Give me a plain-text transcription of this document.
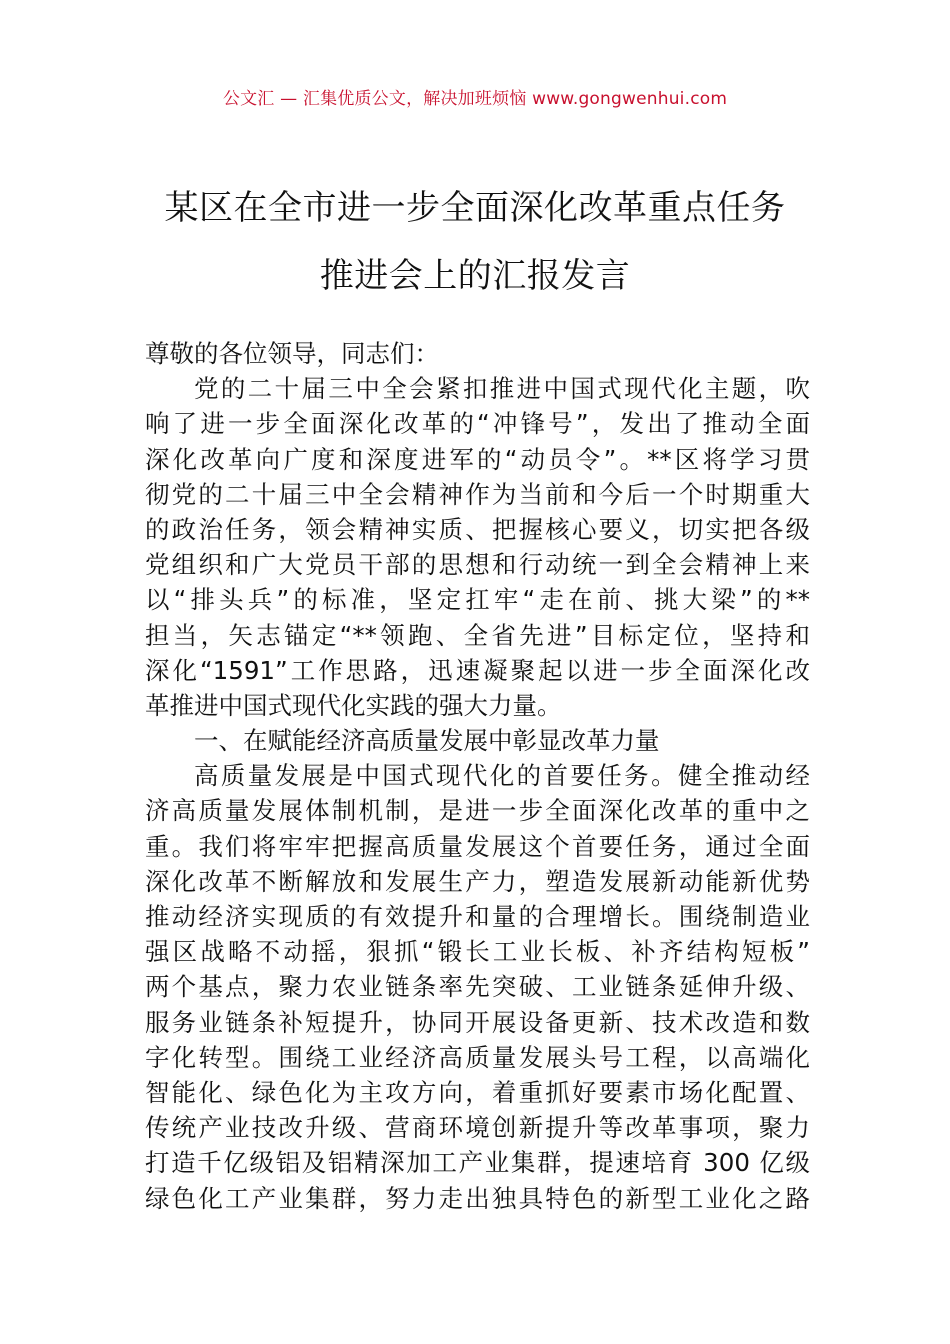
公文汇 — 汇集优质公文，解决加班烦恼 www.gongwenhui.com
某区在全市进一步全面深化改革重点任务
推进会上的汇报发言
尊敬的各位领导，同志们：
党的二十届三中全会紧扣推进中国式现代化主题，吹
响了进一步全面深化改革的“冲锋号”，发出了推动全面
深化改革向广度和深度进军的“动员令”。**区将学习贯
彻党的二十届三中全会精神作为当前和今后一个时期重大
的政治任务，领会精神实质、把握核心要义，切实把各级
党组织和广大党员干部的思想和行动统一到全会精神上来
以“排头兵”的标准，坚定扛牢“走在前、挑大梁”的**
担当，矢志锚定“**领跑、全省先进”目标定位，坚持和
深化“1591”工作思路，迅速凝聚起以进一步全面深化改
革推进中国式现代化实践的强大力量。
一、在赋能经济高质量发展中彰显改革力量
高质量发展是中国式现代化的首要任务。健全推动经
济高质量发展体制机制，是进一步全面深化改革的重中之
重。我们将牢牢把握高质量发展这个首要任务，通过全面
深化改革不断解放和发展生产力，塑造发展新动能新优势
推动经济实现质的有效提升和量的合理增长。围绕制造业
强区战略不动摇，狠抓“锻长工业长板、补齐结构短板”
两个基点，聚力农业链条率先突破、工业链条延伸升级、
服务业链条补短提升，协同开展设备更新、技术改造和数
字化转型。围绕工业经济高质量发展头号工程，以高端化
智能化、绿色化为主攻方向，着重抓好要素市场化配置、
传统产业技改升级、营商环境创新提升等改革事项，聚力
打造千亿级铝及铝精深加工产业集群，提速培育 300 亿级
绿色化工产业集群，努力走出独具特色的新型工业化之路
